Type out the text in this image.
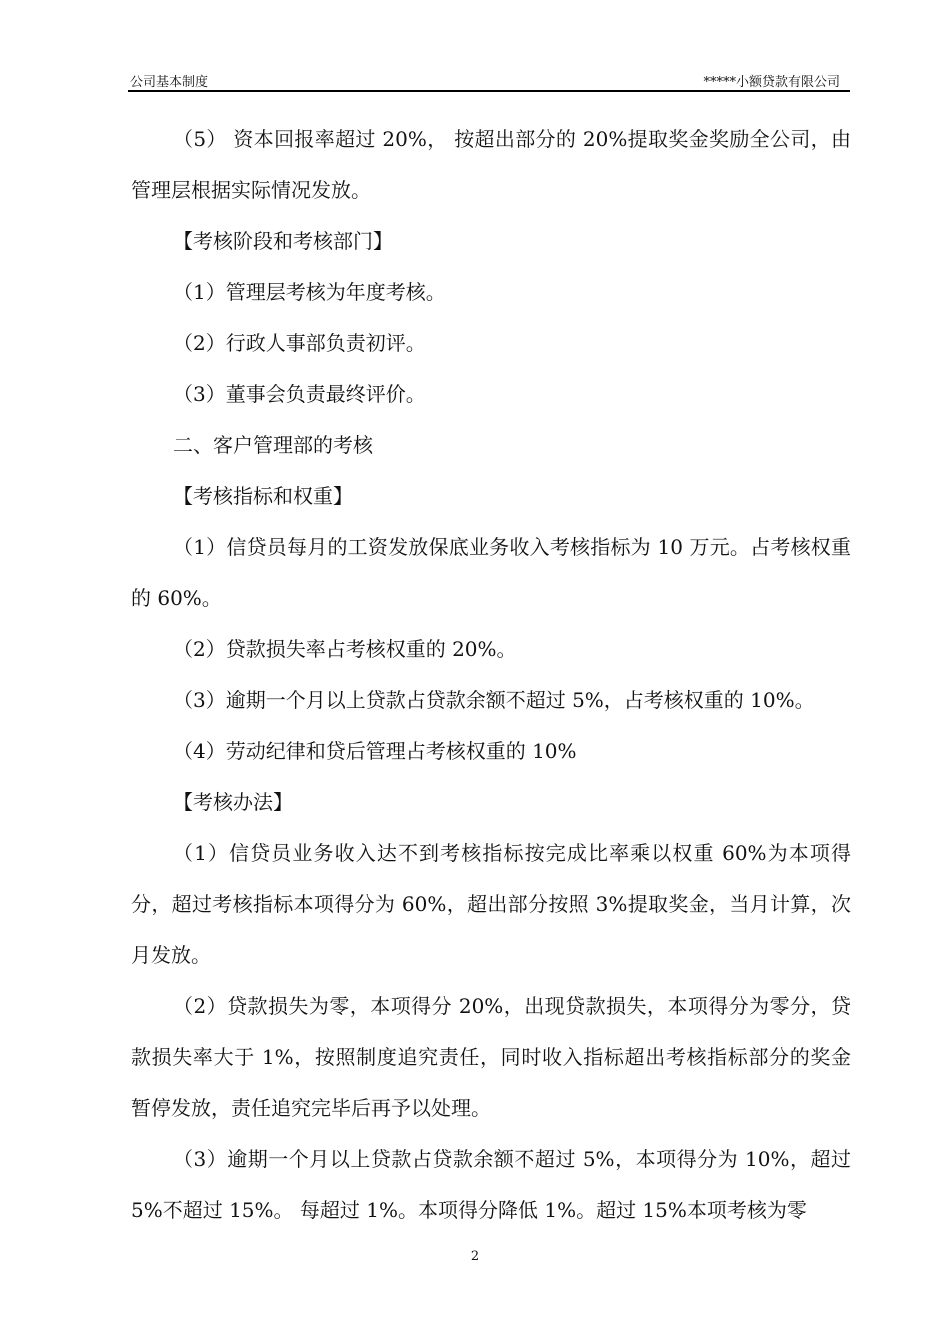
公司基本制度	*****小额贷款有限公司

（5） 资本回报率超过 20%， 按超出部分的 20%提取奖金奖励全公司，由管理层根据实际情况发放。

【考核阶段和考核部门】

（1）管理层考核为年度考核。

（2）行政人事部负责初评。

（3）董事会负责最终评价。

二、客户管理部的考核

【考核指标和权重】

（1）信贷员每月的工资发放保底业务收入考核指标为 10 万元。占考核权重的 60%。

（2）贷款损失率占考核权重的 20%。

（3）逾期一个月以上贷款占贷款余额不超过 5%，占考核权重的 10%。

（4）劳动纪律和贷后管理占考核权重的 10%

【考核办法】

（1）信贷员业务收入达不到考核指标按完成比率乘以权重 60%为本项得分，超过考核指标本项得分为 60%，超出部分按照 3%提取奖金，当月计算，次月发放。

（2）贷款损失为零，本项得分 20%，出现贷款损失，本项得分为零分，贷款损失率大于 1%，按照制度追究责任，同时收入指标超出考核指标部分的奖金 暂停发放，责任追究完毕后再予以处理。

（3）逾期一个月以上贷款占贷款余额不超过 5%，本项得分为 10%，超过 5%不超过 15%。 每超过 1%。本项得分降低 1%。超过 15%本项考核为零

2
